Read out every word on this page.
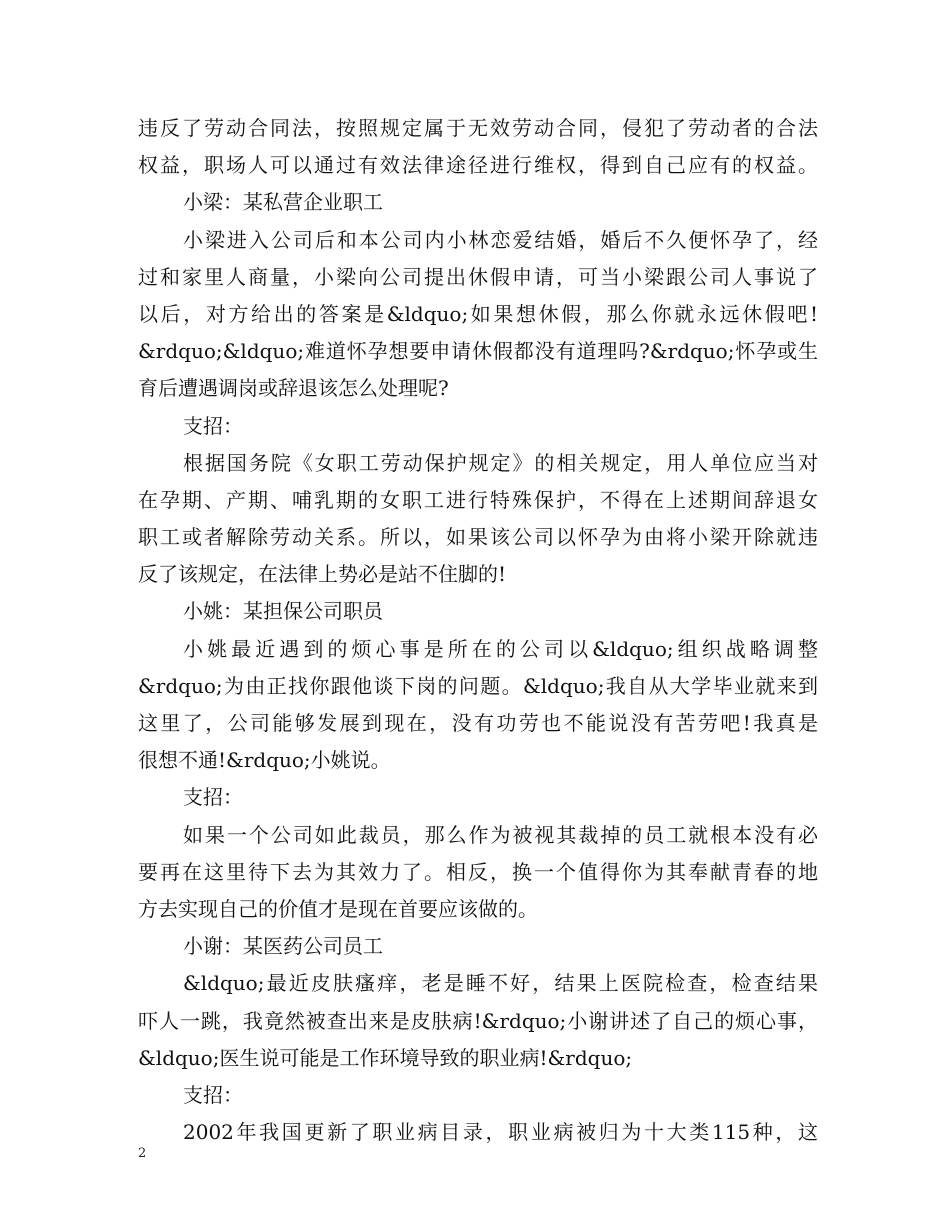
违反了劳动合同法，按照规定属于无效劳动合同，侵犯了劳动者的合法
权益，职场人可以通过有效法律途径进行维权，得到自己应有的权益。
小梁：某私营企业职工
小梁进入公司后和本公司内小林恋爱结婚，婚后不久便怀孕了，经
过和家里人商量，小梁向公司提出休假申请，可当小梁跟公司人事说了
以后，对方给出的答案是&ldquo;如果想休假，那么你就永远休假吧!
&rdquo;&ldquo;难道怀孕想要申请休假都没有道理吗?&rdquo;怀孕或生
育后遭遇调岗或辞退该怎么处理呢?
支招：
根据国务院《女职工劳动保护规定》的相关规定，用人单位应当对
在孕期、产期、哺乳期的女职工进行特殊保护，不得在上述期间辞退女
职工或者解除劳动关系。所以，如果该公司以怀孕为由将小梁开除就违
反了该规定，在法律上势必是站不住脚的!
小姚：某担保公司职员
小姚最近遇到的烦心事是所在的公司以&ldquo;组织战略调整
&rdquo;为由正找你跟他谈下岗的问题。&ldquo;我自从大学毕业就来到
这里了，公司能够发展到现在，没有功劳也不能说没有苦劳吧!我真是
很想不通!&rdquo;小姚说。
支招：
如果一个公司如此裁员，那么作为被视其裁掉的员工就根本没有必
要再在这里待下去为其效力了。相反，换一个值得你为其奉献青春的地
方去实现自己的价值才是现在首要应该做的。
小谢：某医药公司员工
&ldquo;最近皮肤瘙痒，老是睡不好，结果上医院检查，检查结果
吓人一跳，我竟然被查出来是皮肤病!&rdquo;小谢讲述了自己的烦心事，
&ldquo;医生说可能是工作环境导致的职业病!&rdquo;
支招：
2002年我国更新了职业病目录，职业病被归为十大类115种，这
2
